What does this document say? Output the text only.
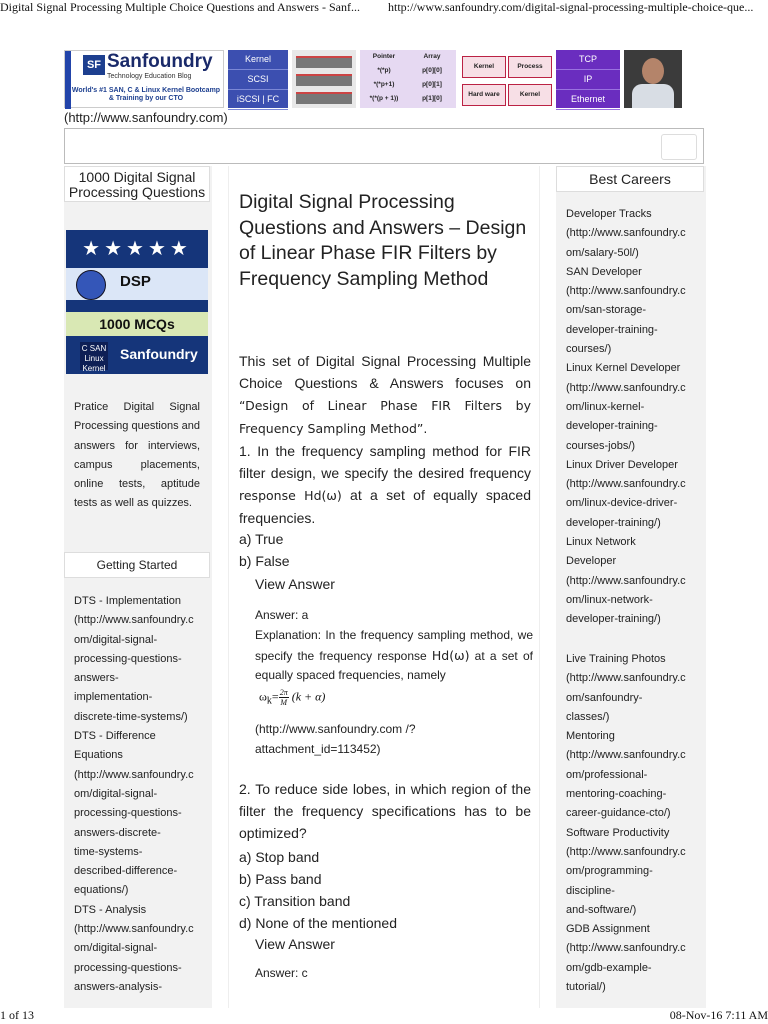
Digital Signal Processing Multiple Choice Questions and Answers - Sanf... http://www.sanfoundry.com/digital-signal-processing-multiple-choice-que...
1 of 13	08-Nov-16 7:11 AM
SF Sanfoundry
Technology Education Blog
World's #1 SAN, C & Linux Kernel Bootcamp & Training by our CTO
Kernel
SCSI
iSCSI | FC
Pointer	Array
*(*p)	p[0][0]
*(*p+1)	p[0][1]
*(*(p + 1))	p[1][0]
Kernel	Process
Hard ware	Kernel
TCP
IP
Ethernet
(http://www.sanfoundry.com)
1000 Digital Signal Processing Questions
★★★★★
DSP
1000 MCQs
C SAN Linux Kernel
Sanfoundry
Pratice Digital Signal Processing questions and answers for interviews, campus placements, online tests, aptitude tests as well as quizzes.
Getting Started
DTS - Implementation
(http://www.sanfoundry.c
om/digital-signal-
processing-questions-
answers-
implementation-
discrete-time-systems/)
DTS - Difference
Equations
(http://www.sanfoundry.c
om/digital-signal-
processing-questions-
answers-discrete-
time-systems-
described-difference-
equations/)
DTS - Analysis
(http://www.sanfoundry.c
om/digital-signal-
processing-questions-
answers-analysis-
Digital Signal Processing Questions and Answers – Design of Linear Phase FIR Filters by Frequency Sampling Method
This set of Digital Signal Processing Multiple Choice Questions & Answers focuses on “Design of Linear Phase FIR Filters by Frequency Sampling Method”.
1. In the frequency sampling method for FIR filter design, we specify the desired frequency response Hd(ω) at a set of equally spaced frequencies.
a) True
b) False
View Answer
Answer: a
Explanation: In the frequency sampling method, we specify the frequency response Hd(ω) at a set of equally spaced frequencies, namely
$\omega_k= \frac{2\pi}{M} (k + \alpha)$
(http://www.sanfoundry.com /?attachment_id=113452)
2. To reduce side lobes, in which region of the filter the frequency specifications has to be optimized?
a) Stop band
b) Pass band
c) Transition band
d) None of the mentioned
View Answer
Answer: c
Best Careers
Developer Tracks
(http://www.sanfoundry.c
om/salary-50l/)
SAN Developer
(http://www.sanfoundry.c
om/san-storage-
developer-training-
courses/)
Linux Kernel Developer
(http://www.sanfoundry.c
om/linux-kernel-
developer-training-
courses-jobs/)
Linux Driver Developer
(http://www.sanfoundry.c
om/linux-device-driver-
developer-training/)
Linux Network
Developer
(http://www.sanfoundry.c
om/linux-network-
developer-training/)
Live Training Photos
(http://www.sanfoundry.c
om/sanfoundry-
classes/)
Mentoring
(http://www.sanfoundry.c
om/professional-
mentoring-coaching-
career-guidance-cto/)
Software Productivity
(http://www.sanfoundry.c
om/programming-
discipline-
and-software/)
GDB Assignment
(http://www.sanfoundry.c
om/gdb-example-
tutorial/)
